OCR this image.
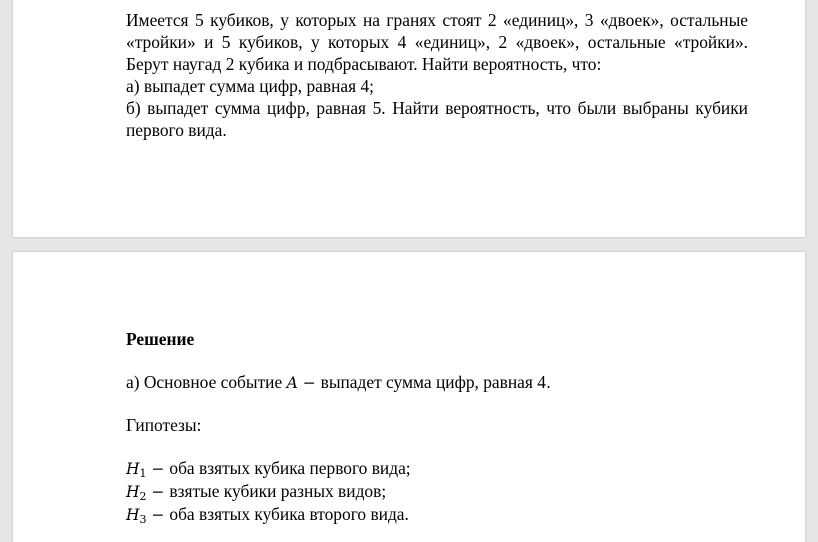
Имеется 5 кубиков, у которых на гранях стоят 2 «единиц», 3 «двоек», остальные «тройки» и 5 кубиков, у которых 4 «единиц», 2 «двоек», остальные «тройки». Берут наугад 2 кубика и подбрасывают. Найти вероятность, что:

а) выпадет сумма цифр, равная 4;

б) выпадет сумма цифр, равная 5. Найти вероятность, что были выбраны кубики первого вида.

Решение
а) Основное событие A − выпадет сумма цифр, равная 4.
Гипотезы:
$H_1$ − оба взятых кубика первого вида;
$H_2$ − взятые кубики разных видов;
$H_3$ − оба взятых кубика второго вида.
